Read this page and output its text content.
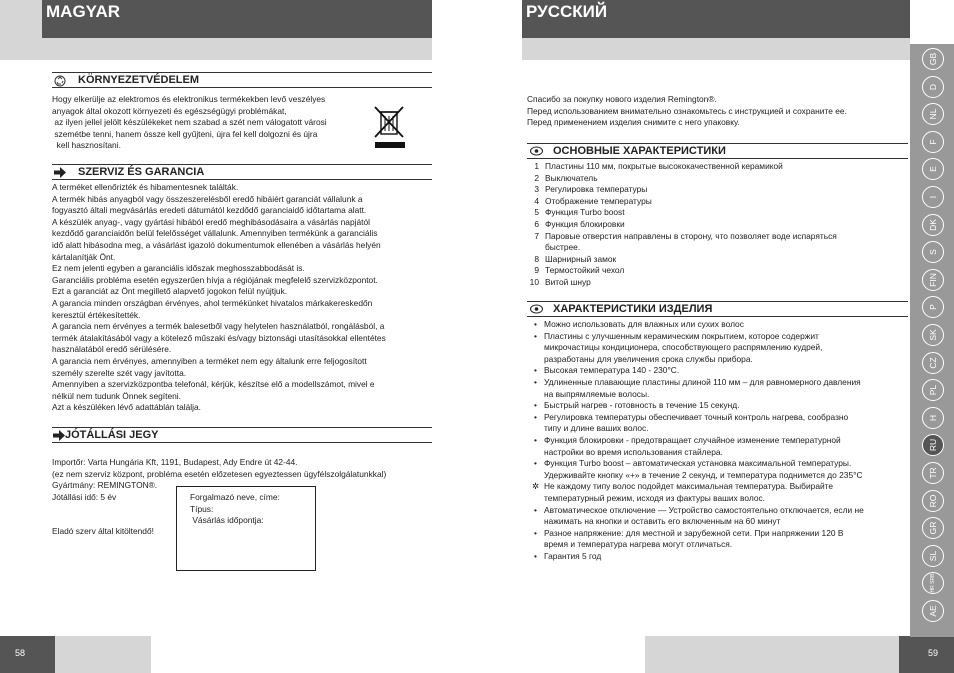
MAGYAR
KÖRNYEZETVÉDELEM
Hogy elkerülje az elektromos és elektronikus termékekben levő veszélyes
anyagok által okozott környezeti és egészségügyi problémákat,
az ilyen jellel jelölt készülékeket nem szabad a szét nem válogatott városi
szemétbe tenni, hanem össze kell gyűjteni, újra fel kell dolgozni és újra
kell hasznosítani.
SZERVIZ ÉS GARANCIA
A terméket ellenőrizték és hibamentesnek találták.
A termék hibás anyagból vagy összeszerelésből eredő hibáiért garanciát vállalunk a
fogyasztó általi megvásárlás eredeti dátumától kezdődő garanciaidő időtartama alatt.
A készülék anyag-, vagy gyártási hibából eredő meghibásodásaira a vásárlás napjától
kezdődő garanciaidőn belül felelősséget vállalunk. Amennyiben termékünk a garanciális
idő alatt hibásodna meg, a vásárlást igazoló dokumentumok ellenében a vásárlás helyén
kártalanítják Önt.
Ez nem jelenti egyben a garanciális időszak meghosszabbodását is.
Garanciális probléma esetén egyszerűen hívja a régiójának megfelelő szervizközpontot.
Ezt a garanciát az Önt megillető alapvető jogokon felül nyújtjuk.
A garancia minden országban érvényes, ahol termékünket hivatalos márkakereskedőn
keresztül értékesítették.
A garancia nem érvényes a termék balesetből vagy helytelen használatból, rongálásból, a
termék átalakításából vagy a kötelező műszaki és/vagy biztonsági utasításokkal ellentétes
használatából eredő sérülésére.
A garancia nem érvényes, amennyiben a terméket nem egy általunk erre feljogosított
személy szerelte szét vagy javította.
Amennyiben a szervizközpontba telefonál, kérjük, készítse elő a modellszámot, mivel e
nélkül nem tudunk Önnek segíteni.
Azt a készüléken lévő adattáblán találja.
JÓTÁLLÁSI JEGY
Importőr: Varta Hungária Kft, 1191, Budapest, Ady Endre út 42-44.
(ez nem szerviz központ, probléma esetén előzetesen egyeztessen ügyfélszolgálatunkkal)
Gyártmány: REMINGTON®.
Jótállási idő: 5 év
Eladó szerv által kitöltendő!
Forgalmazó neve, címe:
Típus:
Vásárlás időpontja:
58
РУССКИЙ
Спасибо за покупку нового изделия Remington®.
Перед использованием внимательно ознакомьтесь с инструкцией и сохраните ее.
Перед применением изделия снимите с него упаковку.
ОСНОВНЫЕ ХАРАКТЕРИСТИКИ
1 Пластины 110 мм, покрытые высококачественной керамикой
2 Выключатель
3 Регулировка температуры
4 Отображение температуры
5 Функция Turbo boost
6 Функция блокировки
7 Паровые отверстия направлены в сторону, что позволяет воде испаряться
быстрее.
8 Шарнирный замок
9 Термостойкий чехол
10 Витой шнур
ХАРАКТЕРИСТИКИ ИЗДЕЛИЯ
• Можно использовать для влажных или сухих волос
• Пластины с улучшенным керамическим покрытием, которое содержит
микрочастицы кондиционера, способствующего распрямлению кудрей,
разработаны для увеличения срока службы прибора.
• Высокая температура 140 - 230°C.
• Удлиненные плавающие пластины длиной 110 мм – для равномерного давления
на выпрямляемые волосы.
• Быстрый нагрев - готовность в течение 15 секунд.
• Регулировка температуры обеспечивает точный контроль нагрева, сообразно
типу и длине ваших волос.
• Функция блокировки - предотвращает случайное изменение температурной
настройки во время использования стайлера.
• Функция Turbo boost – автоматическая установка максимальной температуры.
Удерживайте кнопку «+» в течение 2 секунд, и температура поднимется до 235°C
✲ Не каждому типу волос подойдет максимальная температура. Выбирайте
температурный режим, исходя из фактуры ваших волос.
• Автоматическое отключение — Устройство самостоятельно отключается, если не
нажимать на кнопки и оставить его включенным на 60 минут
• Разное напряжение: для местной и зарубежной сети. При напряжении 120 В
время и температура нагрева могут отличаться.
• Гарантия 5 год
59
GB
D
NL
F
E
I
DK
S
FIN
P
SK
CZ
PL
H
RU
TR
RO
GR
SL
HR SRB
AE
